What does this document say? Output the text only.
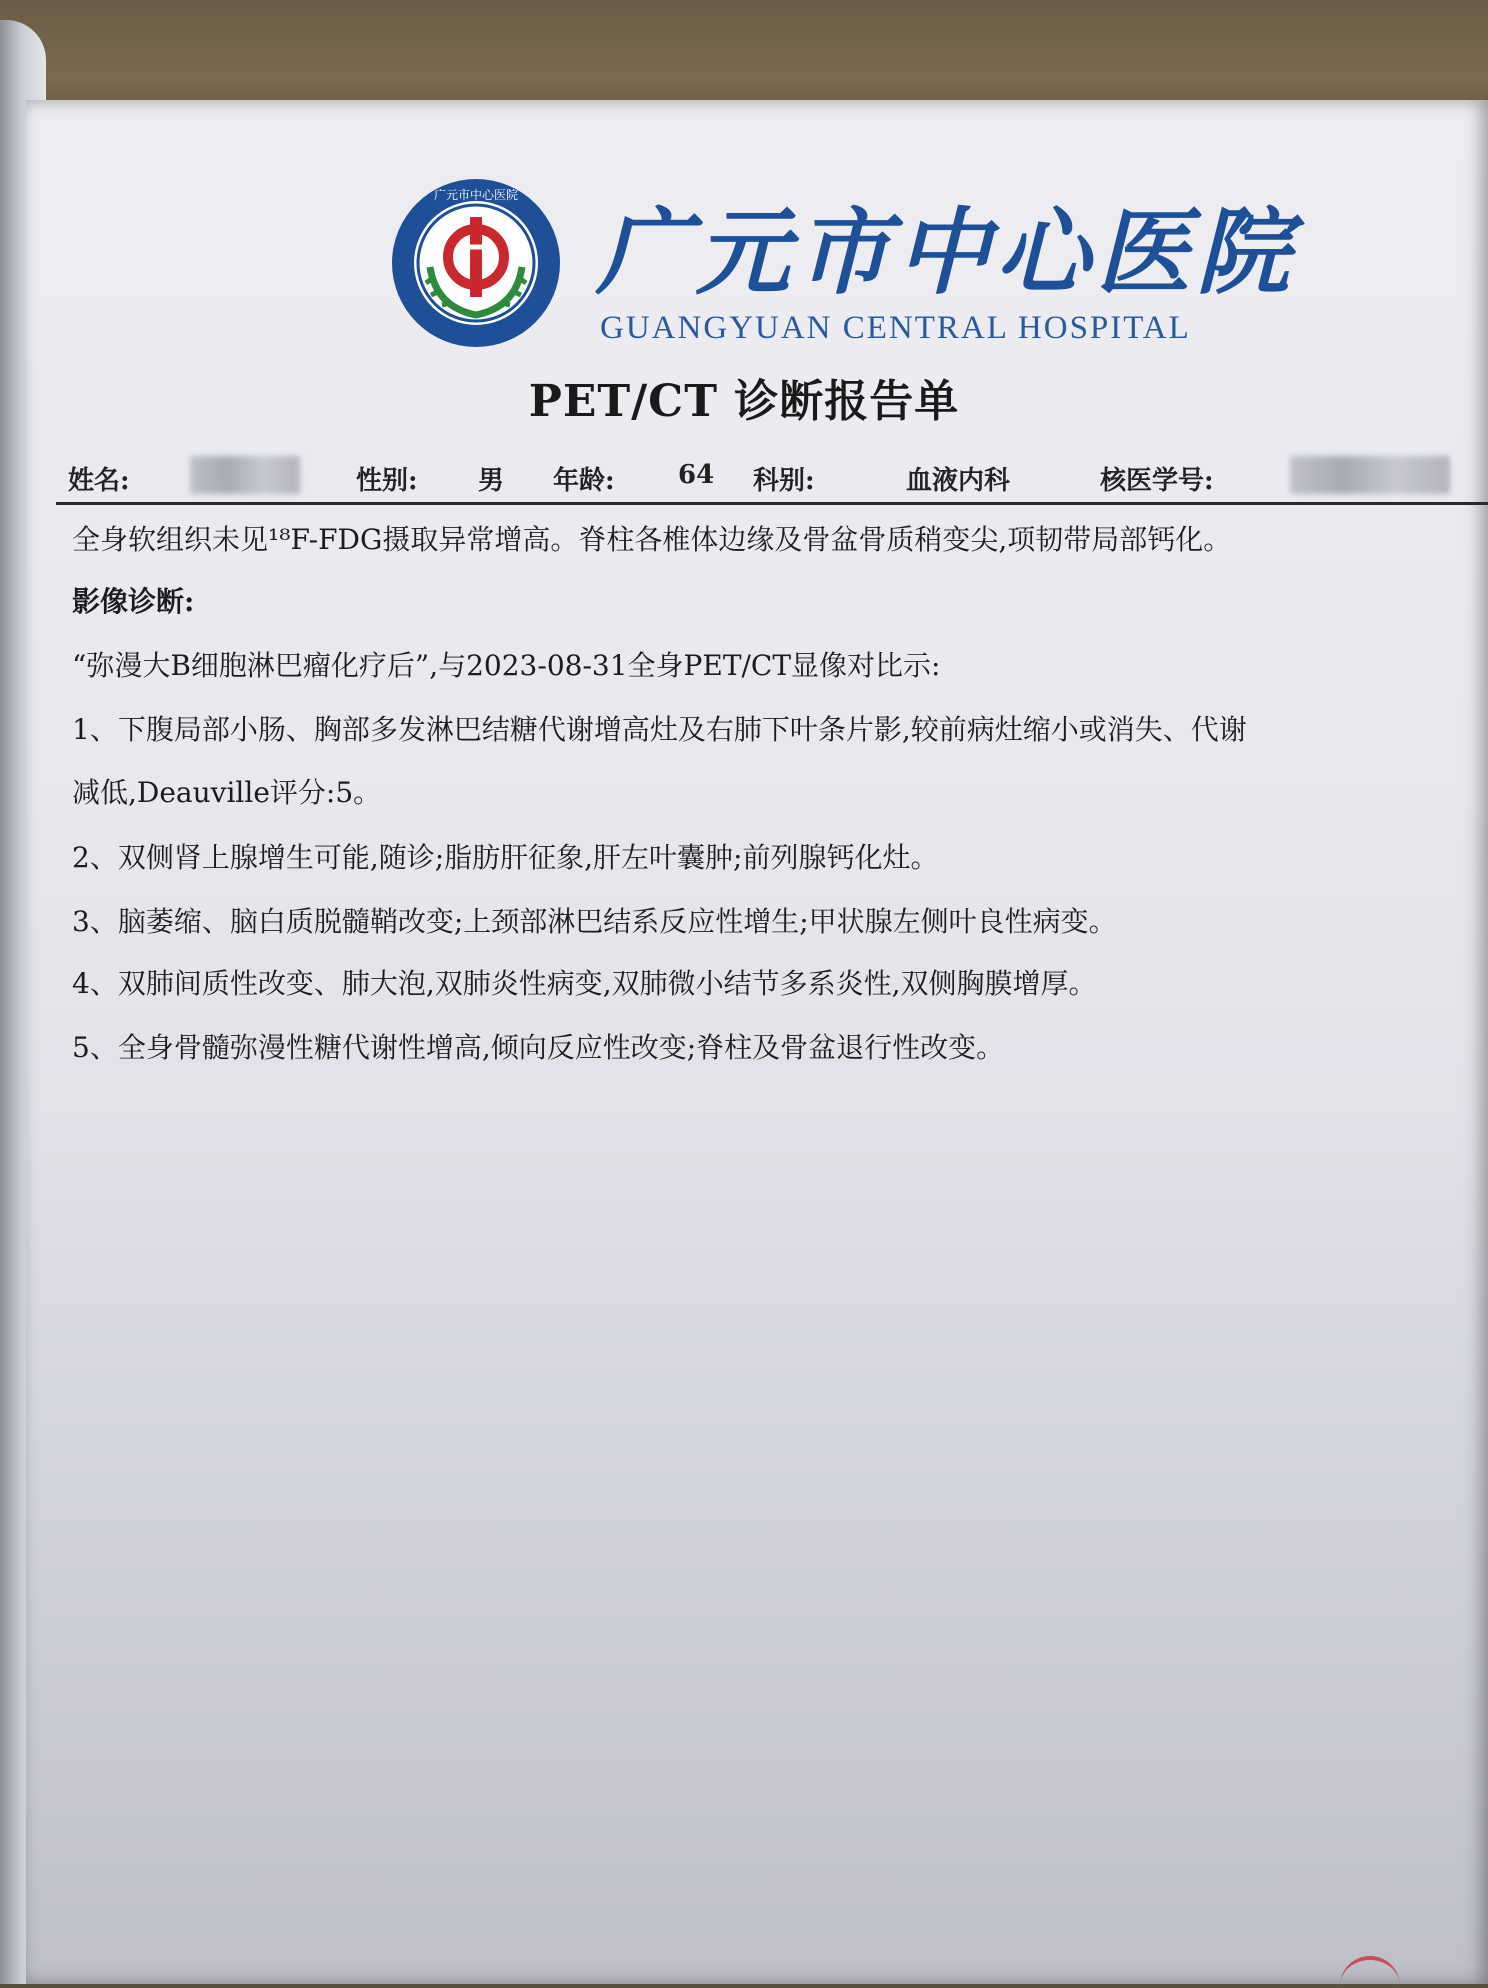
广元市中心医院
广元市中心医院
GUANGYUAN CENTRAL HOSPITAL
PET/CT 诊断报告单
姓名:	性别: 男 年龄: 64 科别:	血液内科	核医学号:
全身软组织未见¹⁸F-FDG摄取异常增高。脊柱各椎体边缘及骨盆骨质稍变尖,项韧带局部钙化。
影像诊断:
“弥漫大B细胞淋巴瘤化疗后”,与2023-08-31全身PET/CT显像对比示:
1、下腹局部小肠、胸部多发淋巴结糖代谢增高灶及右肺下叶条片影,较前病灶缩小或消失、代谢
减低,Deauville评分:5。
2、双侧肾上腺增生可能,随诊;脂肪肝征象,肝左叶囊肿;前列腺钙化灶。
3、脑萎缩、脑白质脱髓鞘改变;上颈部淋巴结系反应性增生;甲状腺左侧叶良性病变。
4、双肺间质性改变、肺大泡,双肺炎性病变,双肺微小结节多系炎性,双侧胸膜增厚。
5、全身骨髓弥漫性糖代谢性增高,倾向反应性改变;脊柱及骨盆退行性改变。
